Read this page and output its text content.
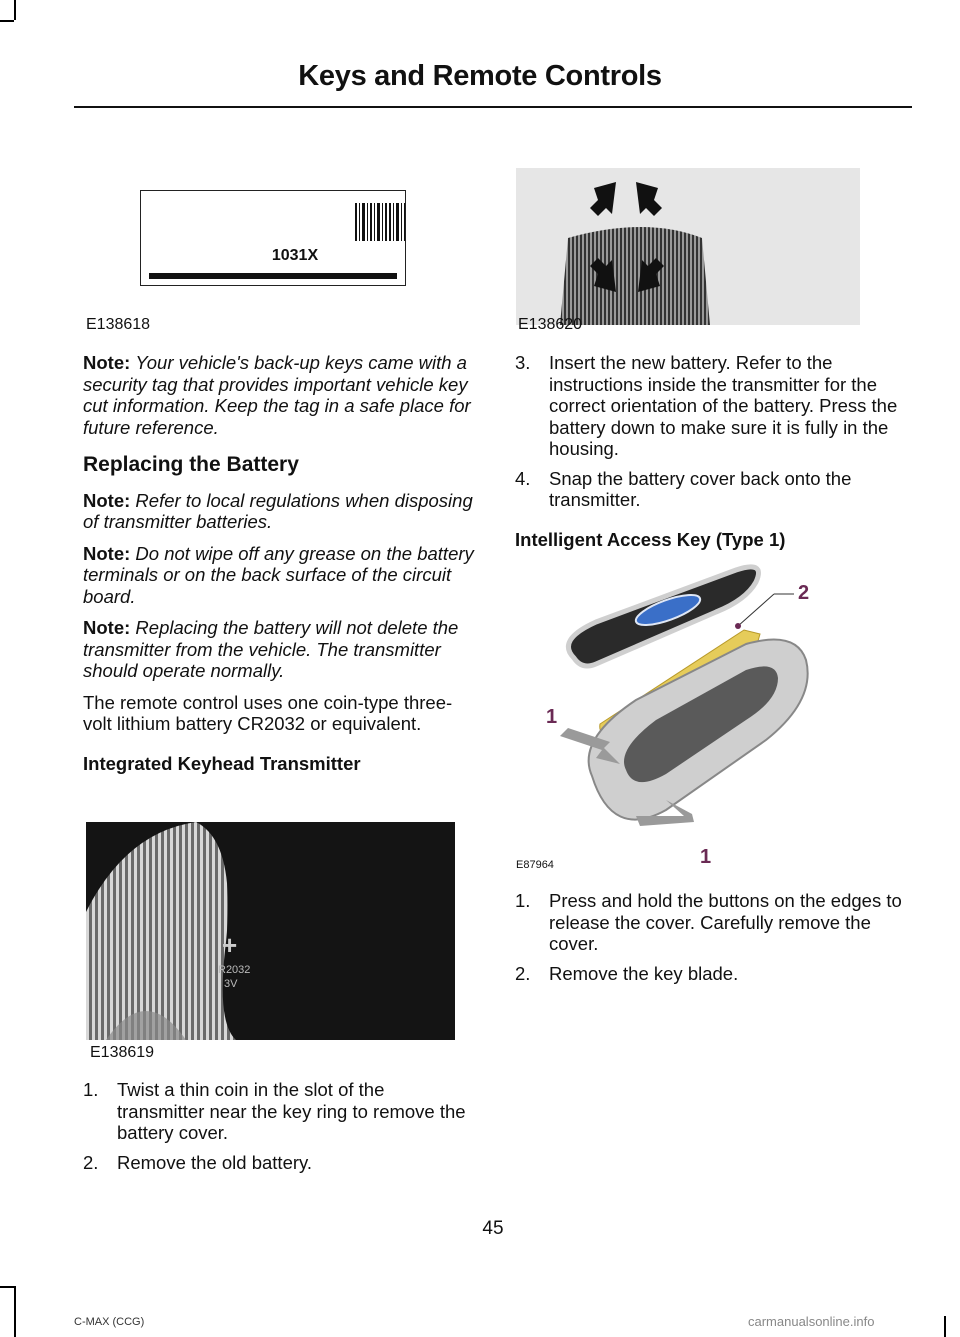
Keys and Remote Controls
1031X
E138618	E138620

Note: Your vehicle's back-up keys came with a security tag that provides important vehicle key cut information. Keep the tag in a safe place for future reference.

Replacing the Battery

Note: Refer to local regulations when disposing of transmitter batteries.

Note: Do not wipe off any grease on the battery terminals or on the back surface of the circuit board.

Note: Replacing the battery will not delete the transmitter from the vehicle. The transmitter should operate normally.

The remote control uses one coin-type three-volt lithium battery CR2032 or equivalent.

Integrated Keyhead Transmitter
+
R2032
3V
E138619
1. Twist a thin coin in the slot of the transmitter near the key ring to remove the battery cover.
2. Remove the old battery.
3. Insert the new battery. Refer to the instructions inside the transmitter for the correct orientation of the battery. Press the battery down to make sure it is fully in the housing.
4. Snap the battery cover back onto the transmitter.
Intelligent Access Key (Type 1)
2
1
1
E87964
1. Press and hold the buttons on the edges to release the cover. Carefully remove the cover.
2. Remove the key blade.
45
C-MAX (CCG)	carmanualsonline.info
